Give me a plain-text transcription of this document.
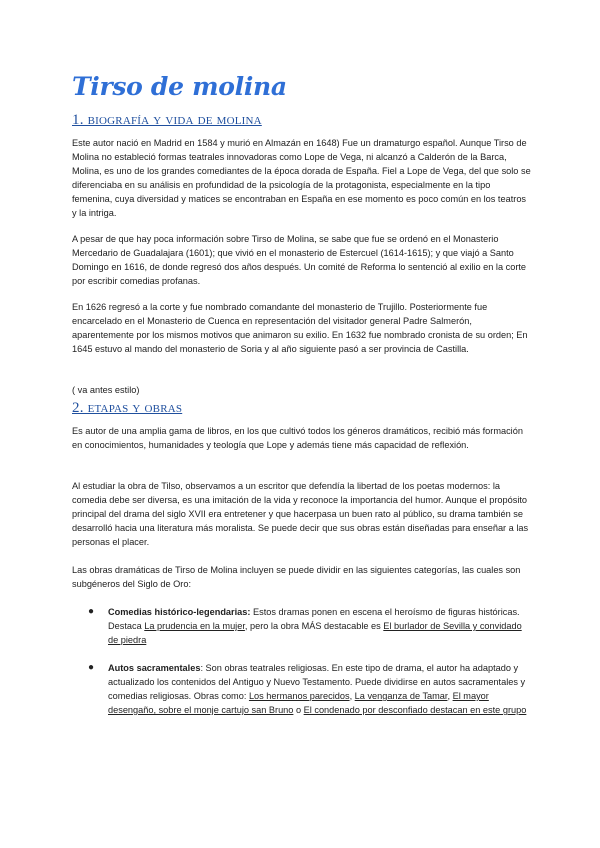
Tirso de molina
1. biografía y vida de molina

Este autor nació en Madrid en 1584 y murió en Almazán en 1648) Fue un dramaturgo español. Aunque Tirso de Molina no estableció formas teatrales innovadoras como Lope de Vega, ni alcanzó a Calderón de la Barca, Molina, es uno de los grandes comediantes de la época dorada de España. Fiel a Lope de Vega, del que solo se diferenciaba en su análisis en profundidad de la psicología de la protagonista, especialmente en la tipo femenina, cuya diversidad y matices se encontraban en España en ese momento es poco común en los teatros y la intriga.

A pesar de que hay poca información sobre Tirso de Molina, se sabe que fue se ordenó en el Monasterio Mercedario de Guadalajara (1601); que vivió en el monasterio de Estercuel (1614-1615); y que viajó a Santo Domingo en 1616, de donde regresó dos años después. Un comité de Reforma lo sentenció al exilio en la corte por escribir comedias profanas.

En 1626 regresó a la corte y fue nombrado comandante del monasterio de Trujillo. Posteriormente fue encarcelado en el Monasterio de Cuenca en representación del visitador general Padre Salmerón, aparentemente por los mismos motivos que animaron su exilio. En 1632 fue nombrado cronista de su orden; En 1645 estuvo al mando del monasterio de Soria y al año siguiente pasó a ser provincia de Castilla.

( va antes estilo)

2. etapas y obras

Es autor de una amplia gama de libros, en los que cultivó todos los géneros dramáticos, recibió más formación en conocimientos, humanidades y teología que Lope y además tiene más capacidad de reflexión.

Al estudiar la obra de Tilso, observamos a un escritor que defendía la libertad de los poetas modernos: la comedia debe ser diversa, es una imitación de la vida y reconoce la importancia del humor. Aunque el propósito principal del drama del siglo XVII era entretener y que hacerpasa un buen rato al público, su drama también se desarrolló hacia una literatura más moralista. Se puede decir que sus obras están diseñadas para enseñar a las personas el placer.

Las obras dramáticas de Tirso de Molina incluyen se puede dividir en las siguientes categorías, las cuales son subgéneros del Siglo de Oro:

● Comedias histórico-legendarias: Estos dramas ponen en escena el heroísmo de figuras históricas. Destaca La prudencia en la mujer, pero la obra MÁS destacable es El burlador de Sevilla y convidado de piedra
● Autos sacramentales: Son obras teatrales religiosas. En este tipo de drama, el autor ha adaptado y actualizado los contenidos del Antiguo y Nuevo Testamento. Puede dividirse en autos sacramentales y comedias religiosas. Obras como: Los hermanos parecidos, La venganza de Tamar, El mayor desengaño, sobre el monje cartujo san Bruno o El condenado por desconfiado destacan en este grupo
